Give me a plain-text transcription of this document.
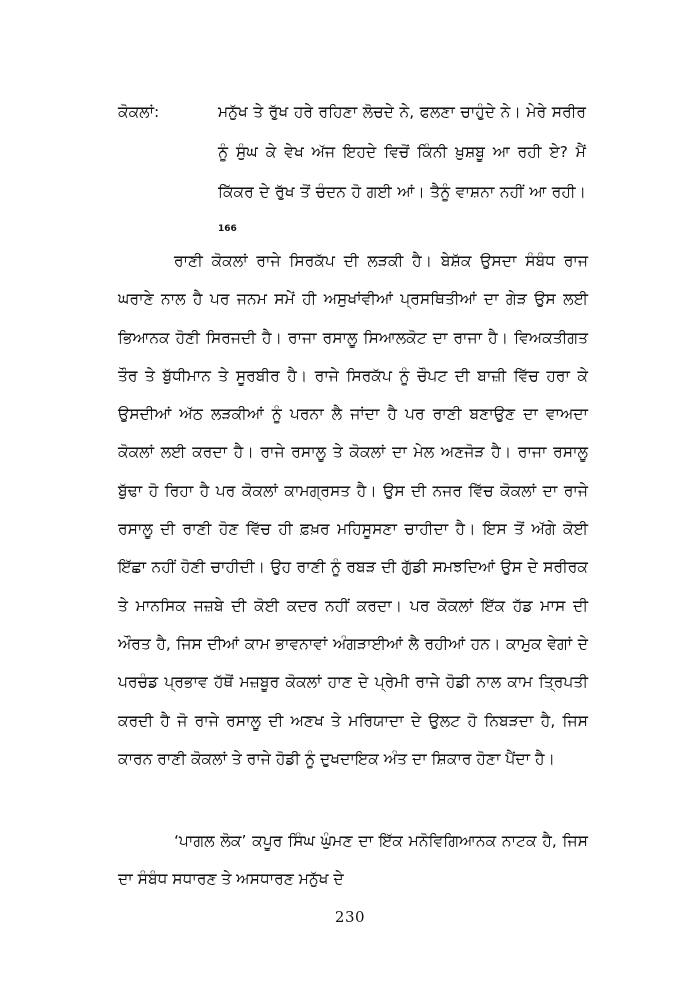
ਕੋਕਲਾਂ:	ਮਨੁੱਖ ਤੇ ਰੁੱਖ ਹਰੇ ਰਹਿਣਾ ਲੋਚਦੇ ਨੇ, ਫਲਣਾ ਚਾਹੁੰਦੇ ਨੇ। ਮੇਰੇ ਸਰੀਰ ਨੂੰ ਸੁੰਘ ਕੇ ਵੇਖ ਅੱਜ ਇਹਦੇ ਵਿਚੋਂ ਕਿੰਨੀ ਖ਼ੁਸ਼ਬੂ ਆ ਰਹੀ ਏ? ਮੈਂ ਕਿੱਕਰ ਦੇ ਰੁੱਖ ਤੋਂ ਚੰਦਨ ਹੋ ਗਈ ਆਂ। ਤੈਨੂੰ ਵਾਸ਼ਨਾ ਨਹੀਂ ਆ ਰਹੀ।$^{166}$

ਰਾਣੀ ਕੋਕਲਾਂ ਰਾਜੇ ਸਿਰਕੱਪ ਦੀ ਲੜਕੀ ਹੈ। ਬੇਸ਼ੱਕ ਉਸਦਾ ਸੰਬੰਧ ਰਾਜ ਘਰਾਣੇ ਨਾਲ ਹੈ ਪਰ ਜਨਮ ਸਮੇਂ ਹੀ ਅਸੁਖਾਂਵੀਆਂ ਪ੍ਰਸਥਿਤੀਆਂ ਦਾ ਗੇੜ ਉਸ ਲਈ ਭਿਆਨਕ ਹੋਣੀ ਸਿਰਜਦੀ ਹੈ। ਰਾਜਾ ਰਸਾਲੂ ਸਿਆਲਕੋਟ ਦਾ ਰਾਜਾ ਹੈ। ਵਿਅਕਤੀਗਤ ਤੌਰ ਤੇ ਬੁੱਧੀਮਾਨ ਤੇ ਸੂਰਬੀਰ ਹੈ। ਰਾਜੇ ਸਿਰਕੱਪ ਨੂੰ ਚੌਪਟ ਦੀ ਬਾਜ਼ੀ ਵਿੱਚ ਹਰਾ ਕੇ ਉਸਦੀਆਂ ਅੱਠ ਲੜਕੀਆਂ ਨੂੰ ਪਰਨਾ ਲੈ ਜਾਂਦਾ ਹੈ ਪਰ ਰਾਣੀ ਬਣਾਉਣ ਦਾ ਵਾਅਦਾ ਕੋਕਲਾਂ ਲਈ ਕਰਦਾ ਹੈ। ਰਾਜੇ ਰਸਾਲੂ ਤੇ ਕੋਕਲਾਂ ਦਾ ਮੇਲ ਅਣਜੋੜ ਹੈ। ਰਾਜਾ ਰਸਾਲੂ ਬੁੱਢਾ ਹੋ ਰਿਹਾ ਹੈ ਪਰ ਕੋਕਲਾਂ ਕਾਮਗ੍ਰਸਤ ਹੈ। ਉਸ ਦੀ ਨਜਰ ਵਿੱਚ ਕੋਕਲਾਂ ਦਾ ਰਾਜੇ ਰਸਾਲੂ ਦੀ ਰਾਣੀ ਹੋਣ ਵਿੱਚ ਹੀ ਫ਼ਖ਼ਰ ਮਹਿਸੂਸਣਾ ਚਾਹੀਦਾ ਹੈ। ਇਸ ਤੋਂ ਅੱਗੇ ਕੋਈ ਇੱਛਾ ਨਹੀਂ ਹੋਣੀ ਚਾਹੀਦੀ। ਉਹ ਰਾਣੀ ਨੂੰ ਰਬੜ ਦੀ ਗੁੱਡੀ ਸਮਝਦਿਆਂ ਉਸ ਦੇ ਸਰੀਰਕ ਤੇ ਮਾਨਸਿਕ ਜਜ਼ਬੇ ਦੀ ਕੋਈ ਕਦਰ ਨਹੀਂ ਕਰਦਾ। ਪਰ ਕੋਕਲਾਂ ਇੱਕ ਹੱਡ ਮਾਸ ਦੀ ਔਰਤ ਹੈ, ਜਿਸ ਦੀਆਂ ਕਾਮ ਭਾਵਨਾਵਾਂ ਅੰਗੜਾਈਆਂ ਲੈ ਰਹੀਆਂ ਹਨ। ਕਾਮੁਕ ਵੇਗਾਂ ਦੇ ਪਰਚੰਡ ਪ੍ਰਭਾਵ ਹੱਥੋਂ ਮਜ਼ਬੂਰ ਕੋਕਲਾਂ ਹਾਣ ਦੇ ਪ੍ਰੇਮੀ ਰਾਜੇ ਹੋਡੀ ਨਾਲ ਕਾਮ ਤ੍ਰਿਪਤੀ ਕਰਦੀ ਹੈ ਜੋ ਰਾਜੇ ਰਸਾਲੂ ਦੀ ਅਣਖ ਤੇ ਮਰਿਯਾਦਾ ਦੇ ਉਲਟ ਹੋ ਨਿਬੜਦਾ ਹੈ, ਜਿਸ ਕਾਰਨ ਰਾਣੀ ਕੋਕਲਾਂ ਤੇ ਰਾਜੇ ਹੋਡੀ ਨੂੰ ਦੁਖਦਾਇਕ ਅੰਤ ਦਾ ਸ਼ਿਕਾਰ ਹੋਣਾ ਪੈਂਦਾ ਹੈ।

‘ਪਾਗਲ ਲੋਕ’ ਕਪੂਰ ਸਿੰਘ ਘੁੰਮਣ ਦਾ ਇੱਕ ਮਨੋਵਿਗਿਆਨਕ ਨਾਟਕ ਹੈ, ਜਿਸ ਦਾ ਸੰਬੰਧ ਸਧਾਰਣ ਤੇ ਅਸਧਾਰਣ ਮਨੁੱਖ ਦੇ

230
